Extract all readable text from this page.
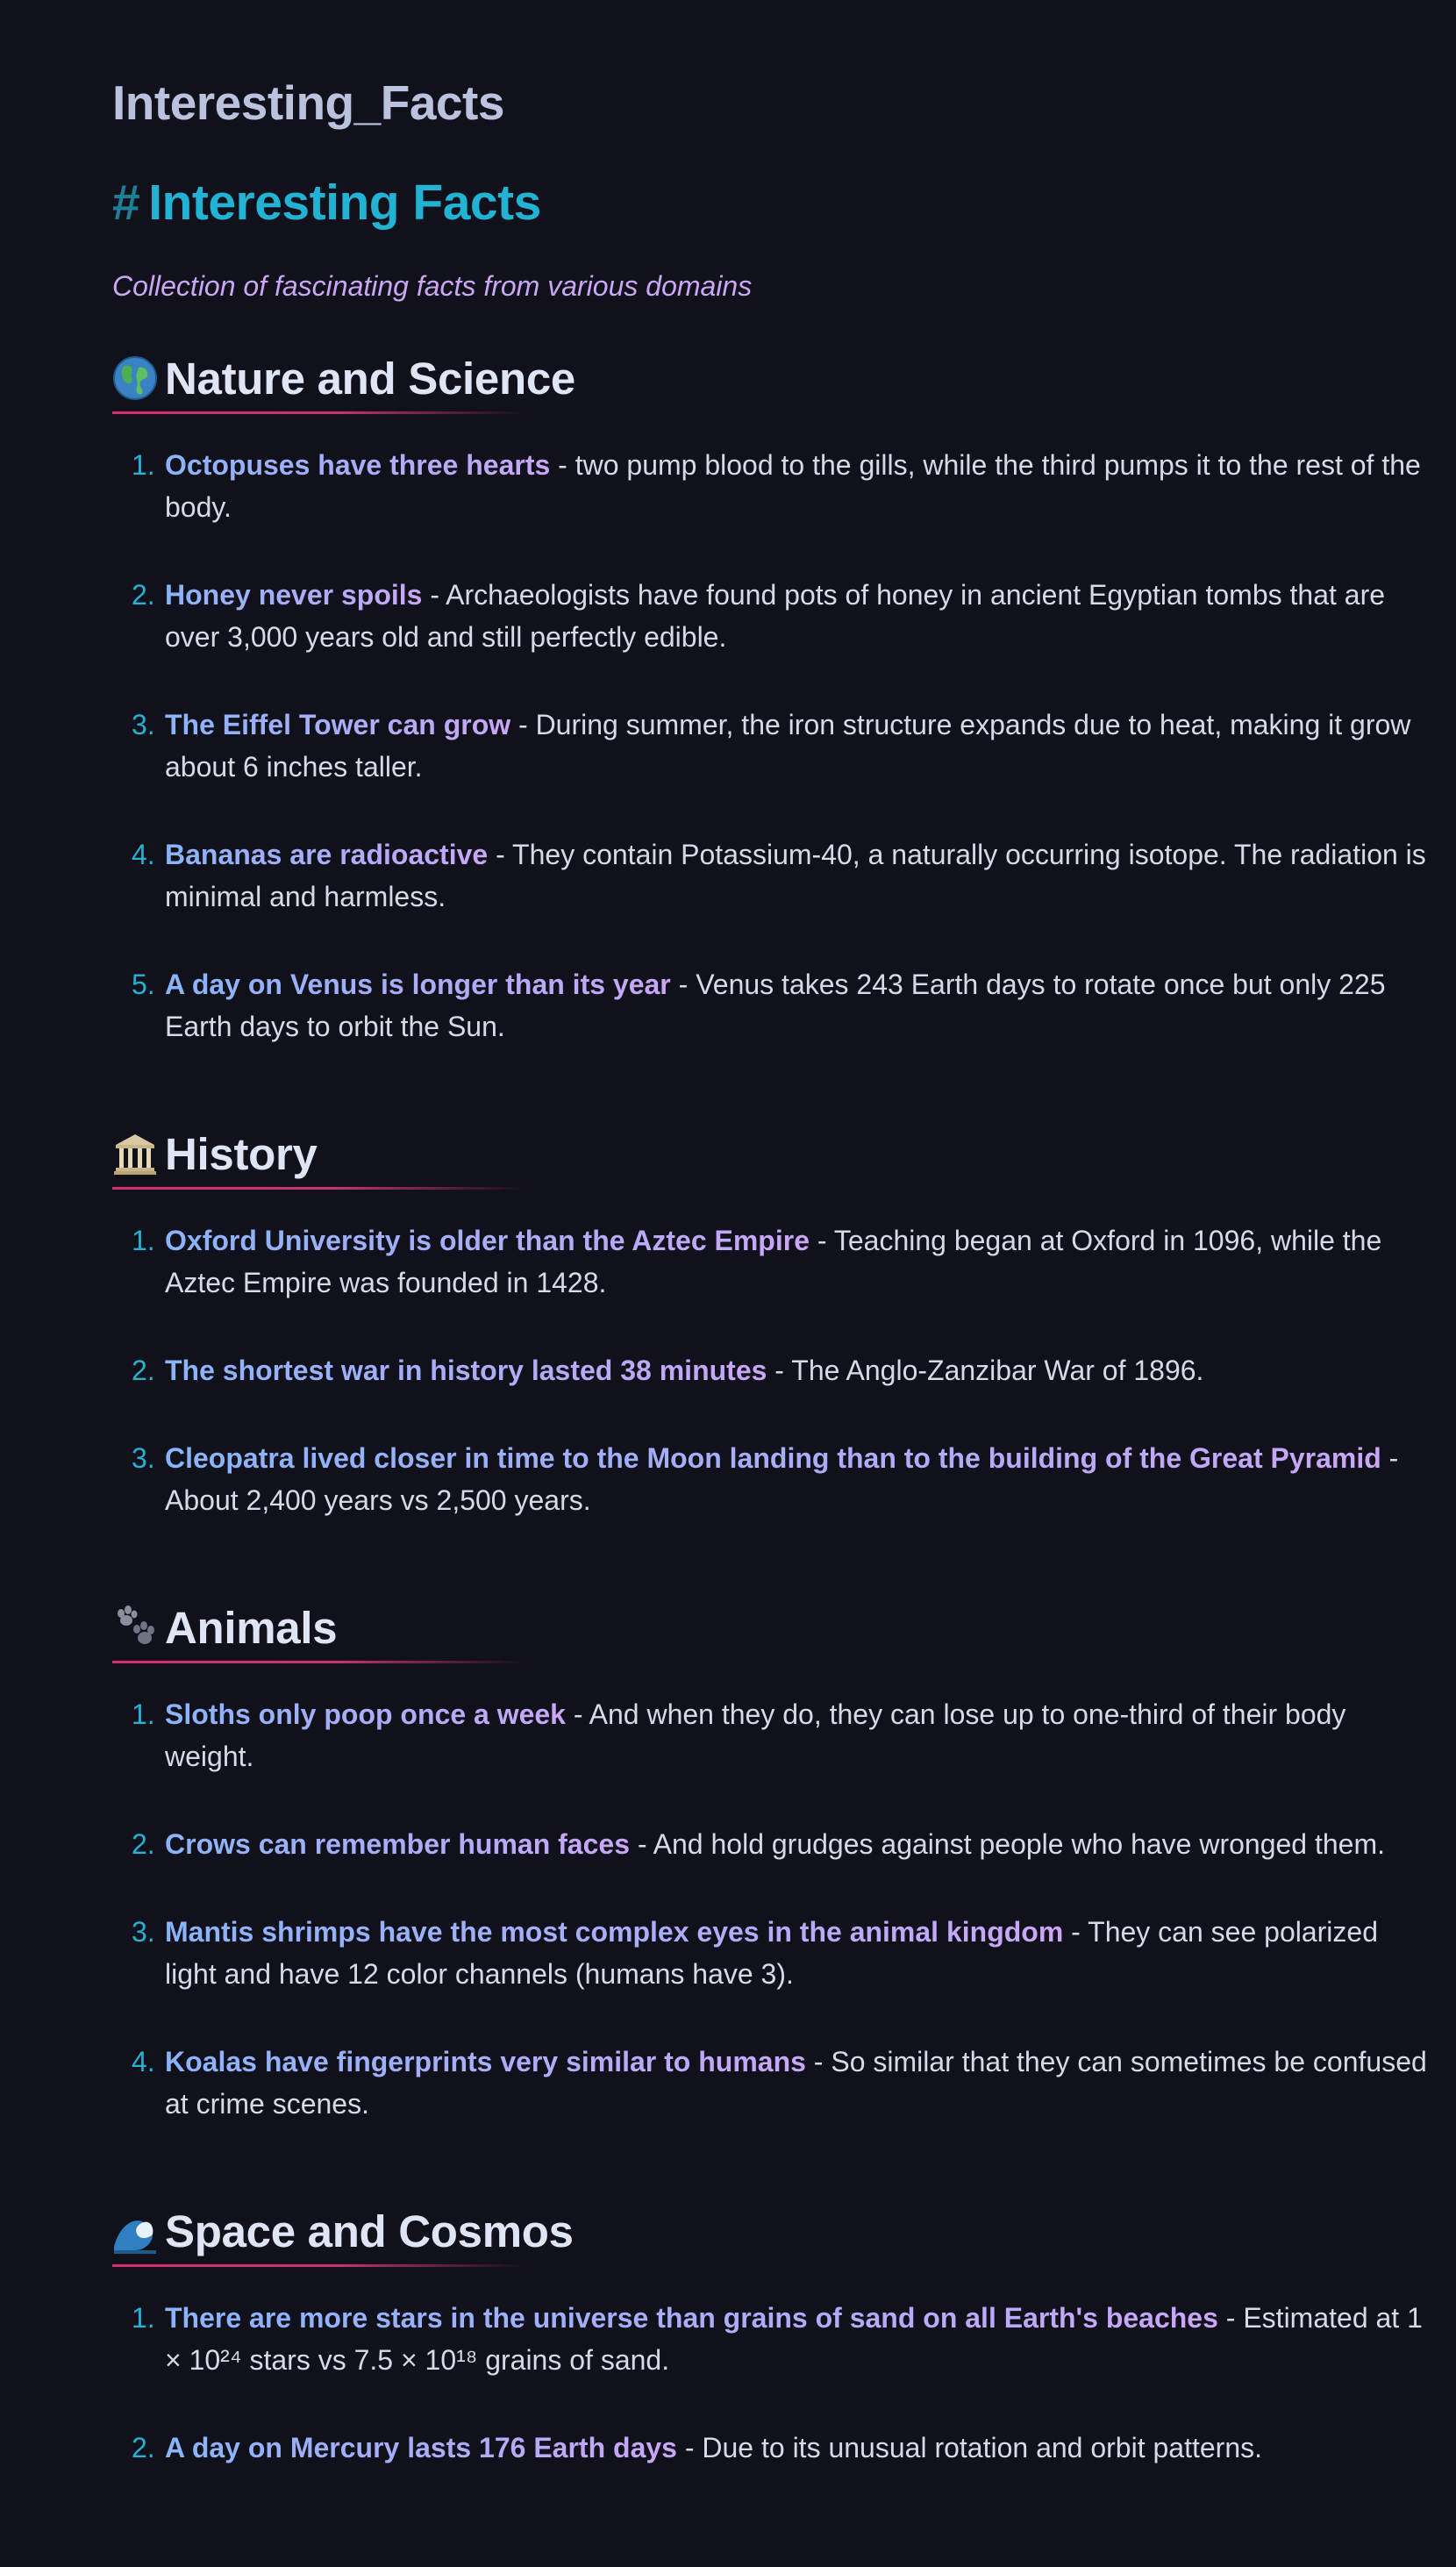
Interesting_Facts
# Interesting Facts

Collection of fascinating facts from various domains

Nature and Science
1. Octopuses have three hearts - two pump blood to the gills, while the third pumps it to the rest of the body.
2. Honey never spoils - Archaeologists have found pots of honey in ancient Egyptian tombs that are over 3,000 years old and still perfectly edible.
3. The Eiffel Tower can grow - During summer, the iron structure expands due to heat, making it grow about 6 inches taller.
4. Bananas are radioactive - They contain Potassium-40, a naturally occurring isotope. The radiation is minimal and harmless.
5. A day on Venus is longer than its year - Venus takes 243 Earth days to rotate once but only 225 Earth days to orbit the Sun.
History
1. Oxford University is older than the Aztec Empire - Teaching began at Oxford in 1096, while the Aztec Empire was founded in 1428.
2. The shortest war in history lasted 38 minutes - The Anglo-Zanzibar War of 1896.
3. Cleopatra lived closer in time to the Moon landing than to the building of the Great Pyramid - About 2,400 years vs 2,500 years.
Animals
1. Sloths only poop once a week - And when they do, they can lose up to one-third of their body weight.
2. Crows can remember human faces - And hold grudges against people who have wronged them.
3. Mantis shrimps have the most complex eyes in the animal kingdom - They can see polarized light and have 12 color channels (humans have 3).
4. Koalas have fingerprints very similar to humans - So similar that they can sometimes be confused at crime scenes.
Space and Cosmos
1. There are more stars in the universe than grains of sand on all Earth's beaches - Estimated at 1 × 10²⁴ stars vs 7.5 × 10¹⁸ grains of sand.
2. A day on Mercury lasts 176 Earth days - Due to its unusual rotation and orbit patterns.
